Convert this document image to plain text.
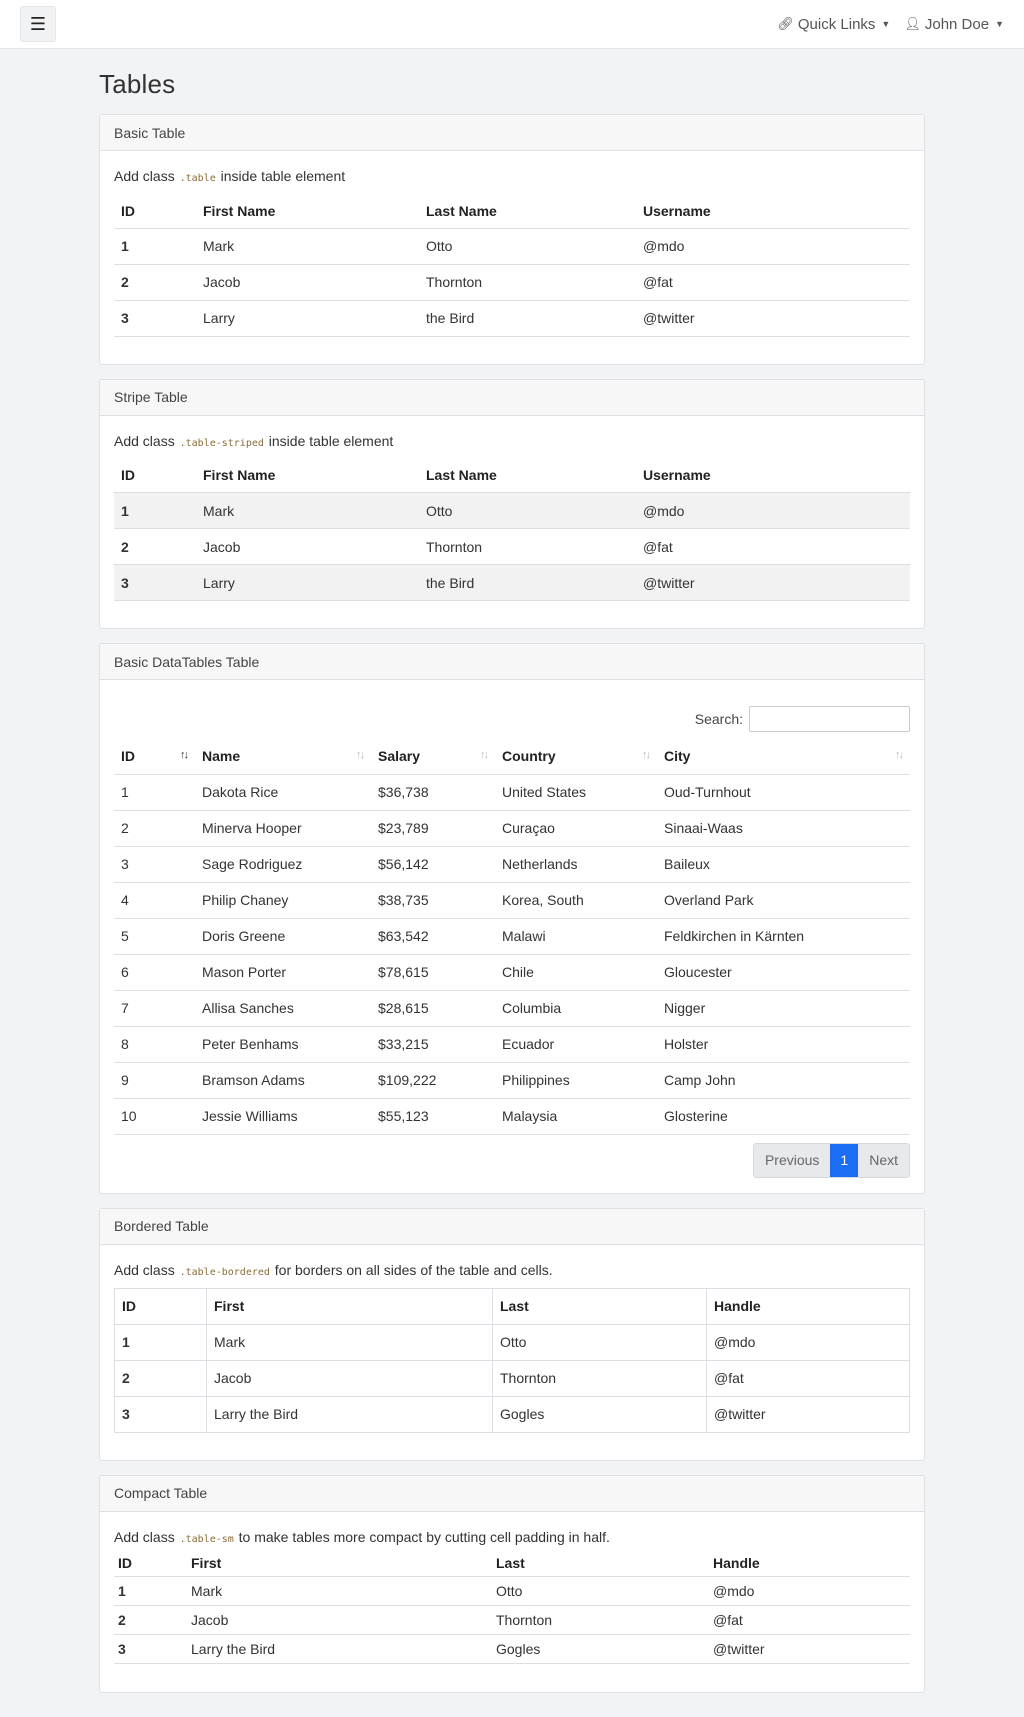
☰	🔗︎ Quick Links ▼ 👤︎ John Doe ▼
Tables
Basic Table

Add class .table inside table element

ID	First Name	Last Name	Username
1	Mark	Otto	@mdo
2	Jacob	Thornton	@fat
3	Larry	the Bird	@twitter
Stripe Table

Add class .table-striped inside table element

ID	First Name	Last Name	Username
1	Mark	Otto	@mdo
2	Jacob	Thornton	@fat
3	Larry	the Bird	@twitter
Basic DataTables Table
Search:
ID ↑↓	Name ↑↓	Salary ↑↓	Country ↑↓	City ↑↓

1	Dakota Rice	$36,738	United States	Oud-Turnhout
2	Minerva Hooper	$23,789	Curaçao	Sinaai-Waas
3	Sage Rodriguez	$56,142	Netherlands	Baileux
4	Philip Chaney	$38,735	Korea, South	Overland Park
5	Doris Greene	$63,542	Malawi	Feldkirchen in Kärnten
6	Mason Porter	$78,615	Chile	Gloucester
7	Allisa Sanches	$28,615	Columbia	Nigger
8	Peter Benhams	$33,215	Ecuador	Holster
9	Bramson Adams	$109,222	Philippines	Camp John
10	Jessie Williams	$55,123	Malaysia	Glosterine
Previous	1	Next
Bordered Table

Add class .table-bordered for borders on all sides of the table and cells.

ID	First	Last	Handle
1	Mark	Otto	@mdo
2	Jacob	Thornton	@fat
3	Larry the Bird	Gogles	@twitter
Compact Table

Add class .table-sm to make tables more compact by cutting cell padding in half.

ID	First	Last	Handle
1	Mark	Otto	@mdo
2	Jacob	Thornton	@fat
3	Larry the Bird	Gogles	@twitter
